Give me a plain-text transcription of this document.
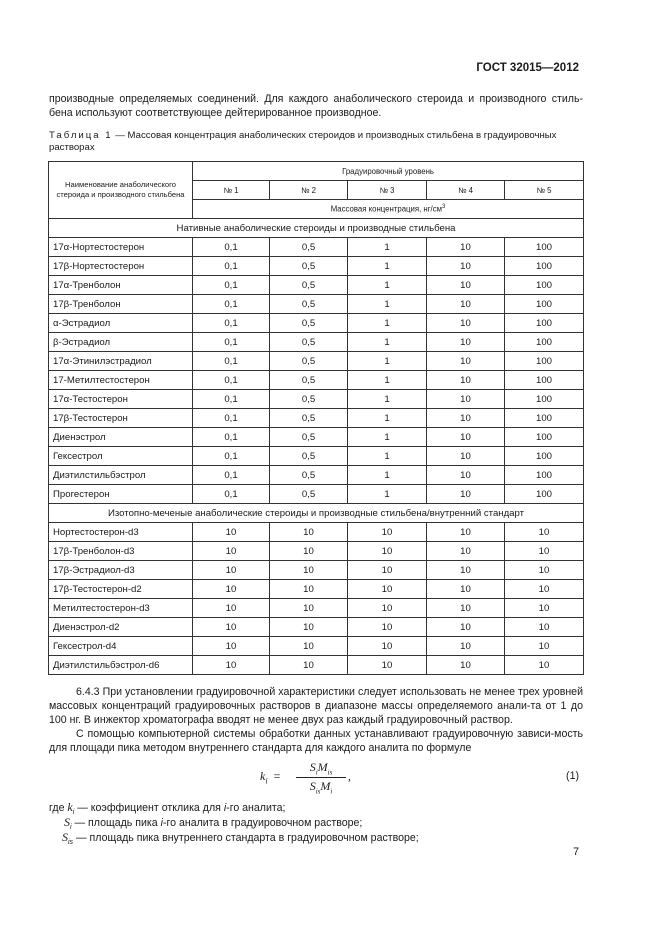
ГОСТ 32015—2012
производные определяемых соединений. Для каждого анаболического стероида и производного стиль-бена используют соответствующее дейтерированное производное.
Таблица 1 — Массовая концентрация анаболических стероидов и производных стильбена в градуировочных растворах
Наименование анаболического стероида и производного стильбена	Градуировочный уровень				
	№ 1	№ 2	№ 3	№ 4	№ 5
	Массовая концентрация, $нг/см^3$
Нативные анаболические стероиды и производные стильбена					
17α-Нортестостерон	0,1	0,5	1	10	100
17β-Нортестостерон	0,1	0,5	1	10	100
17α-Тренболон	0,1	0,5	1	10	100
17β-Тренболон	0,1	0,5	1	10	100
α-Эстрадиол	0,1	0,5	1	10	100
β-Эстрадиол	0,1	0,5	1	10	100
17α-Этинилэстрадиол	0,1	0,5	1	10	100
17-Метилтестостерон	0,1	0,5	1	10	100
17α-Тестостерон	0,1	0,5	1	10	100
17β-Тестостерон	0,1	0,5	1	10	100
Диенэстрол	0,1	0,5	1	10	100
Гексестрол	0,1	0,5	1	10	100
Диэтилстильбэстрол	0,1	0,5	1	10	100
Прогестерон	0,1	0,5	1	10	100
Изотопно-меченые анаболические стероиды и производные стильбена/внутренний стандарт					
Нортестостерон-d3	10	10	10	10	10
17β-Тренболон-d3	10	10	10	10	10
17β-Эстрадиол-d3	10	10	10	10	10
17β-Тестостерон-d2	10	10	10	10	10
Метилтестостерон-d3	10	10	10	10	10
Диенэстрол-d2	10	10	10	10	10
Гексестрол-d4	10	10	10	10	10
Диэтилстильбэстрол-d6	10	10	10	10	10
6.4.3 При установлении градуировочной характеристики следует использовать не менее трех уровней массовых концентраций градуировочных растворов в диапазоне массы определяемого анали-та от 1 до 100 нг. В инжектор хроматографа вводят не менее двух раз каждый градуировочный раствор.
С помощью компьютерной системы обработки данных устанавливают градуировочную зависи-мость для площади пика методом внутреннего стандарта для каждого аналита по формуле
$k_i$ =
$S_iM_{is}$
$S_{is}M_i$
,	(1)
где $k_i$ — коэффициент отклика для i-го аналита;
$S_i$ — площадь пика i-го аналита в градуировочном растворе;
$S_{is}$ — площадь пика внутреннего стандарта в градуировочном растворе;
7
